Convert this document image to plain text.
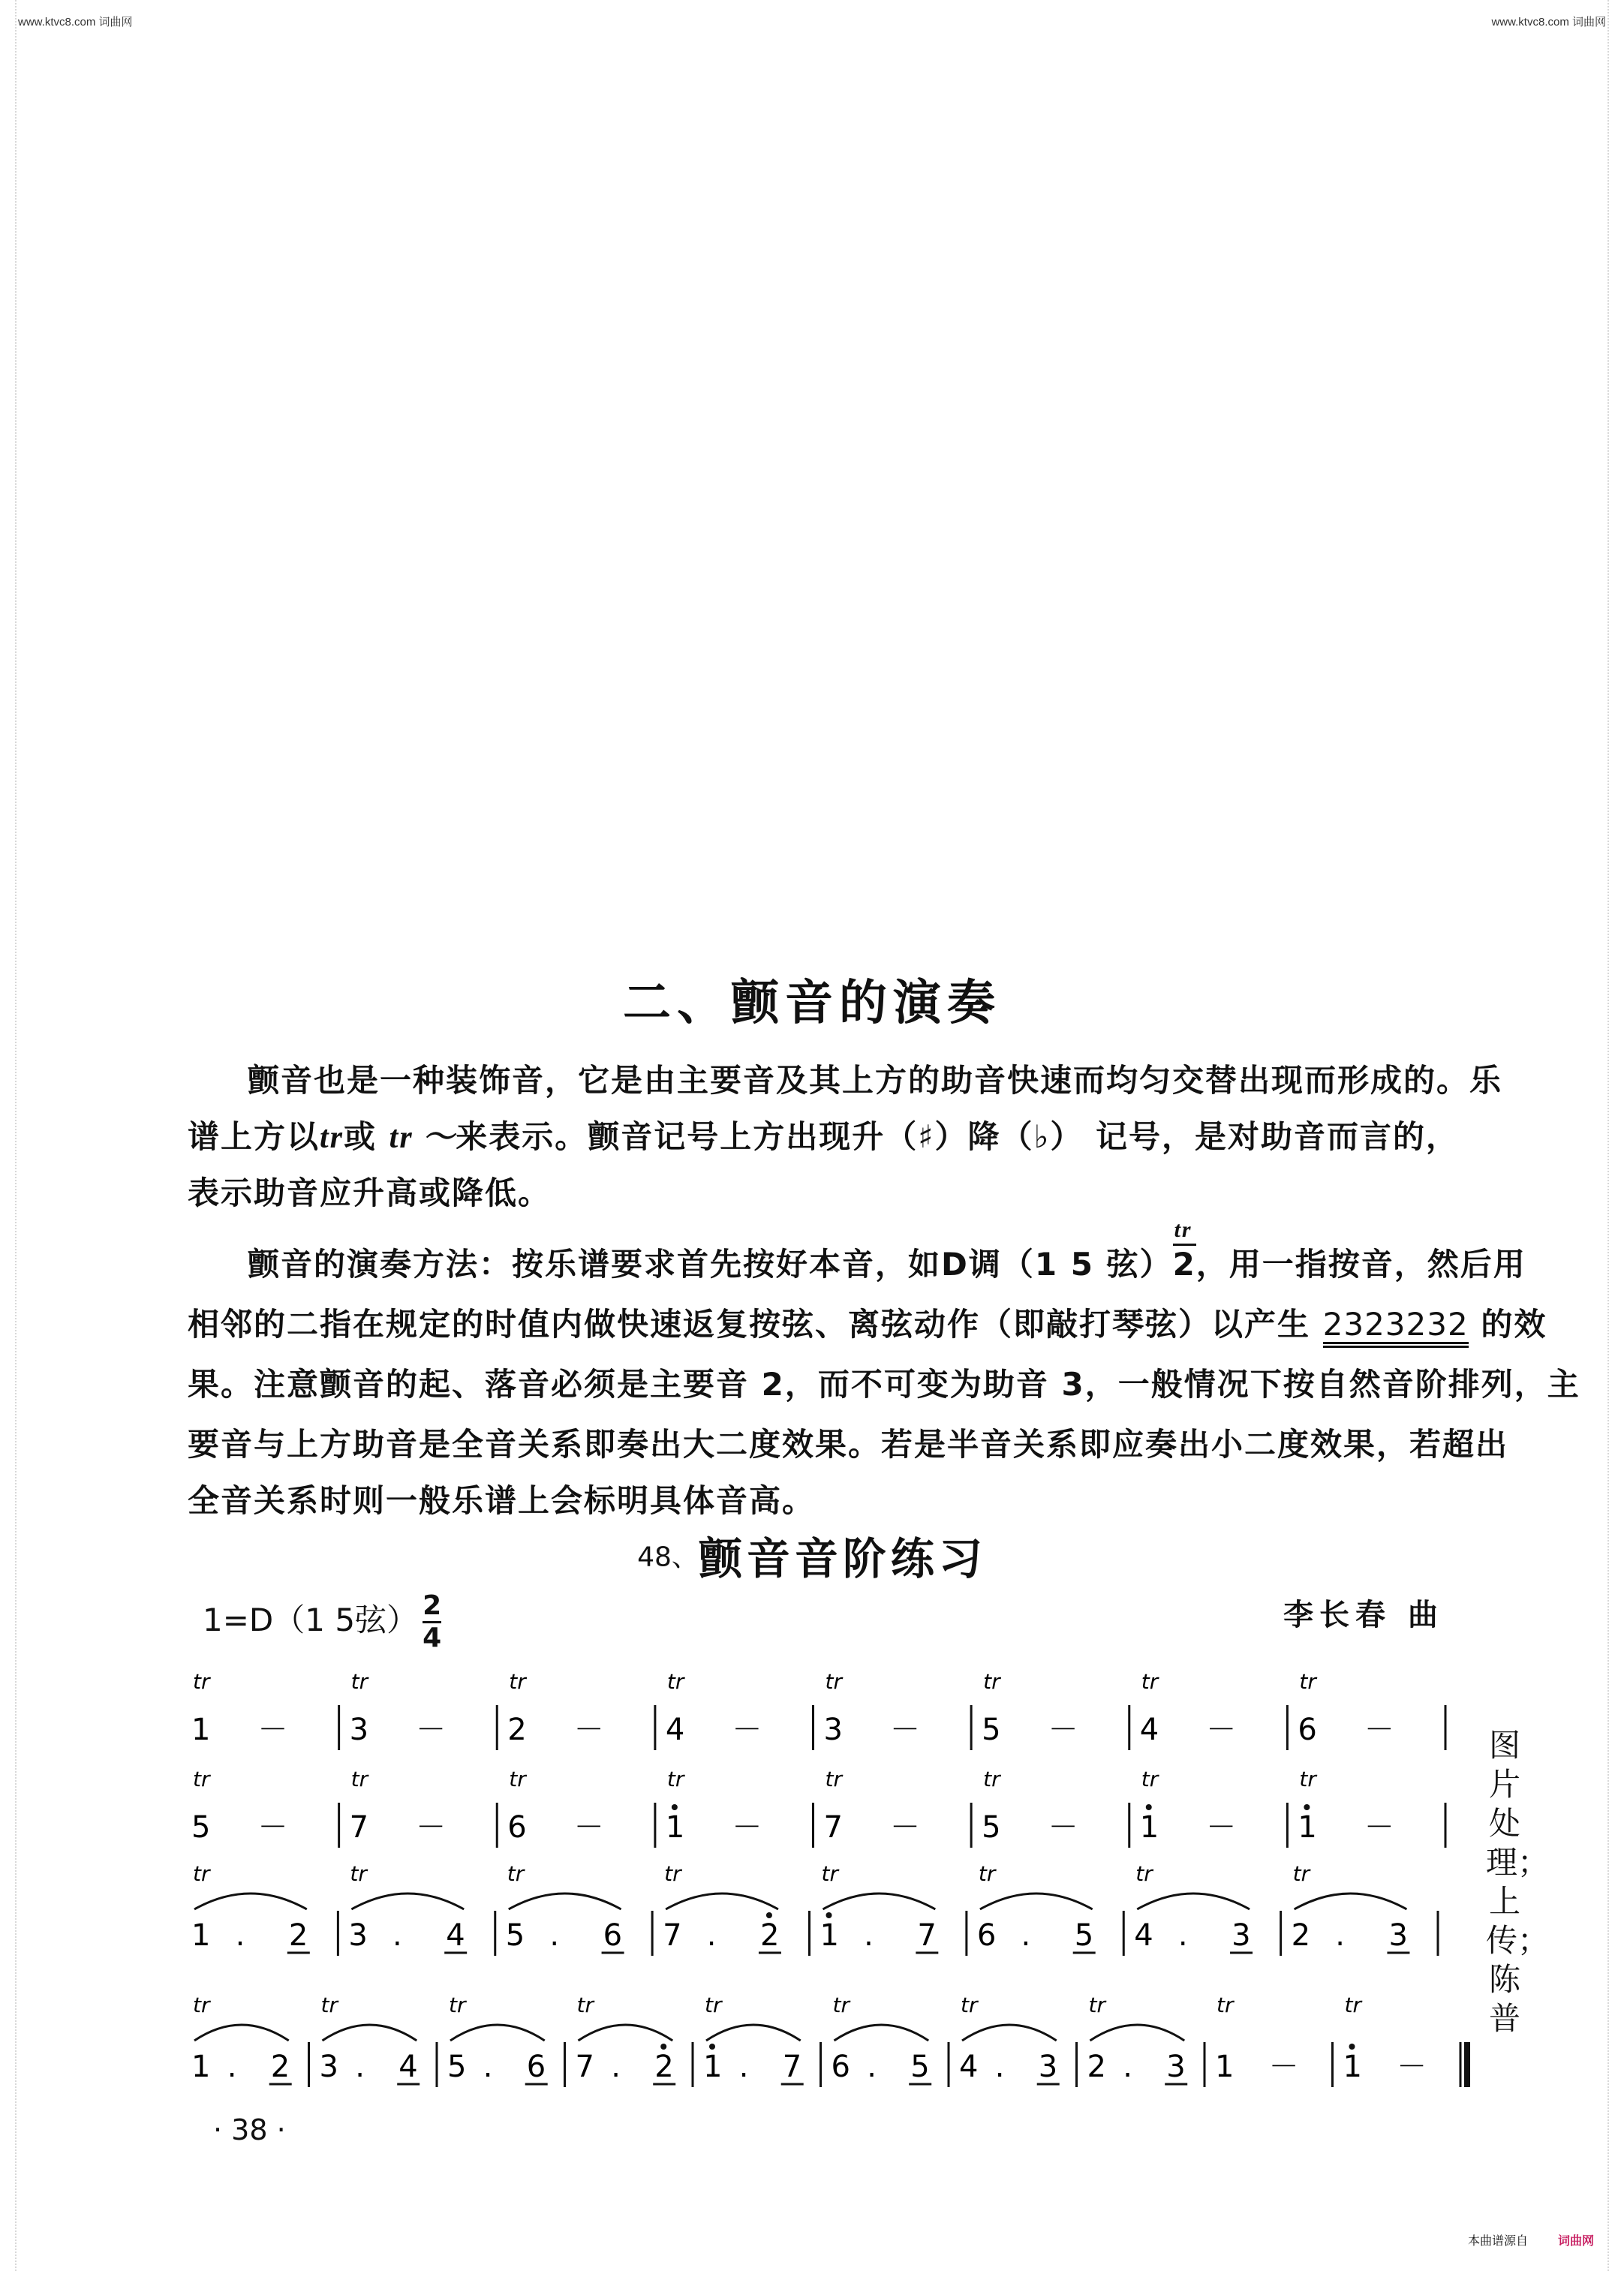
www.ktvc8.com 词曲网	www.ktvc8.com 词曲网
二、颤音的演奏
颤音也是一种装饰音，它是由主要音及其上方的助音快速而均匀交替出现而形成的。乐
谱上方以tr或 tr ～来表示。颤音记号上方出现升（♯）降（♭） 记号，是对助音而言的，
表示助音应升高或降低。
颤音的演奏方法：按乐谱要求首先按好本音，如D调（1 5 弦）
tr
2，用一指按音，然后用
相邻的二指在规定的时值内做快速返复按弦、离弦动作（即敲打琴弦）以产生 2323232 的效
果。注意颤音的起、落音必须是主要音 2，而不可变为助音 3，一般情况下按自然音阶排列，主
要音与上方助音是全音关系即奏出大二度效果。若是半音关系即应奏出小二度效果，若超出
全音关系时则一般乐谱上会标明具体音高。
48、颤音音阶练习
1=D（1 5弦） $\frac{2}{4}$	李长春 曲
tr
1 －
tr
3 －
tr
2 －
tr
4 －
tr
3 －
tr
5 －
tr
4 －
tr
6 －
tr
5 －
tr
7 －
tr
6 －
tr
1 －
tr
7 －
tr
5 －
tr
1 －
tr
1 －
tr
1 . 2
tr
3 . 4
tr
5 . 6
tr
7 . 2
tr
1 . 7
tr
6 . 5
tr
4 . 3
tr
2 . 3
tr
1 . 2
tr
3 . 4
tr
5 . 6
tr
7 . 2
tr
1 . 7
tr
6 . 5
tr
4 . 3
tr
2 . 3
tr
1 －
tr
1 －
图片处理；上传；陈普
· 38 ·
本曲谱源自	词曲网
